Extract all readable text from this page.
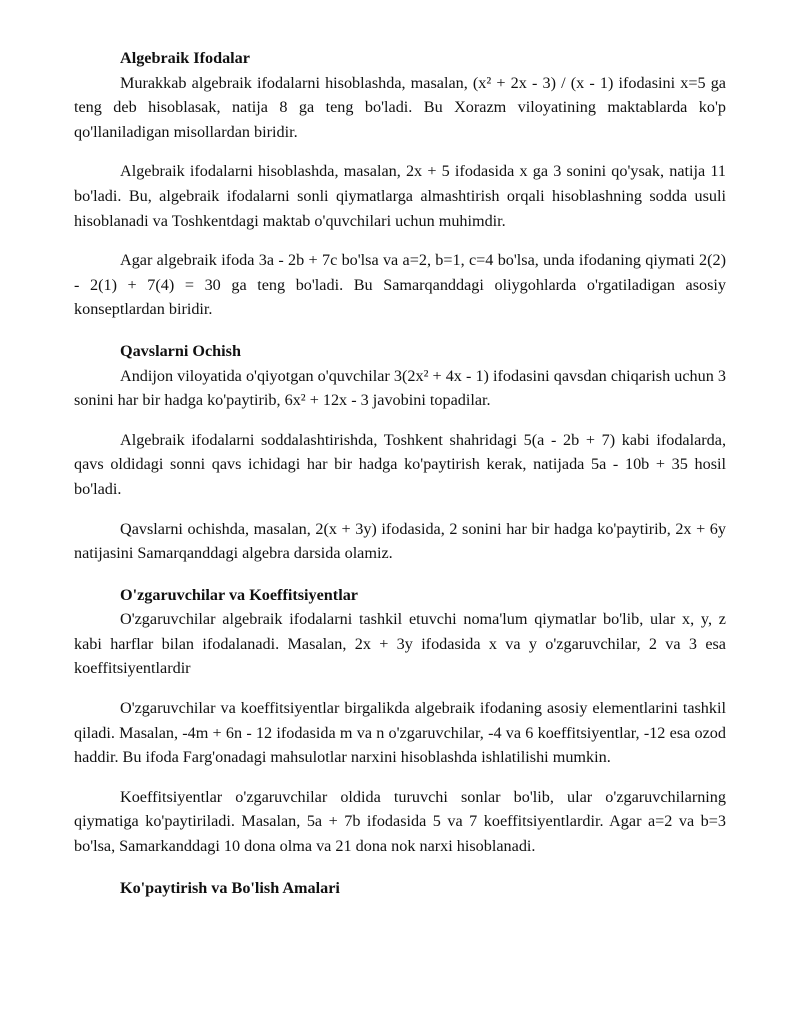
Algebraik Ifodalar

Murakkab algebraik ifodalarni hisoblashda, masalan, (x² + 2x - 3) / (x - 1) ifodasini x=5 ga teng deb hisoblasak, natija 8 ga teng bo'ladi. Bu Xorazm viloyatining maktablarda ko'p qo'llaniladigan misollardan biridir.

Algebraik ifodalarni hisoblashda, masalan, 2x + 5 ifodasida x ga 3 sonini qo'ysak, natija 11 bo'ladi. Bu, algebraik ifodalarni sonli qiymatlarga almashtirish orqali hisoblashning sodda usuli hisoblanadi va Toshkentdagi maktab o'quvchilari uchun muhimdir.

Agar algebraik ifoda 3a - 2b + 7c bo'lsa va a=2, b=1, c=4 bo'lsa, unda ifodaning qiymati 2(2) - 2(1) + 7(4) = 30 ga teng bo'ladi. Bu Samarqanddagi oliygohlarda o'rgatiladigan asosiy konseptlardan biridir.

Qavslarni Ochish

Andijon viloyatida o'qiyotgan o'quvchilar 3(2x² + 4x - 1) ifodasini qavsdan chiqarish uchun 3 sonini har bir hadga ko'paytirib, 6x² + 12x - 3 javobini topadilar.

Algebraik ifodalarni soddalashtirishda, Toshkent shahridagi 5(a - 2b + 7) kabi ifodalarda, qavs oldidagi sonni qavs ichidagi har bir hadga ko'paytirish kerak, natijada 5a - 10b + 35 hosil bo'ladi.

Qavslarni ochishda, masalan, 2(x + 3y) ifodasida, 2 sonini har bir hadga ko'paytirib, 2x + 6y natijasini Samarqanddagi algebra darsida olamiz.

O'zgaruvchilar va Koeffitsiyentlar

O'zgaruvchilar algebraik ifodalarni tashkil etuvchi noma'lum qiymatlar bo'lib, ular x, y, z kabi harflar bilan ifodalanadi. Masalan, 2x + 3y ifodasida x va y o'zgaruvchilar, 2 va 3 esa koeffitsiyentlardir

O'zgaruvchilar va koeffitsiyentlar birgalikda algebraik ifodaning asosiy elementlarini tashkil qiladi. Masalan, -4m + 6n - 12 ifodasida m va n o'zgaruvchilar, -4 va 6 koeffitsiyentlar, -12 esa ozod haddir. Bu ifoda Farg'onadagi mahsulotlar narxini hisoblashda ishlatilishi mumkin.

Koeffitsiyentlar o'zgaruvchilar oldida turuvchi sonlar bo'lib, ular o'zgaruvchilarning qiymatiga ko'paytiriladi. Masalan, 5a + 7b ifodasida 5 va 7 koeffitsiyentlardir. Agar a=2 va b=3 bo'lsa, Samarkanddagi 10 dona olma va 21 dona nok narxi hisoblanadi.

Ko'paytirish va Bo'lish Amalari
